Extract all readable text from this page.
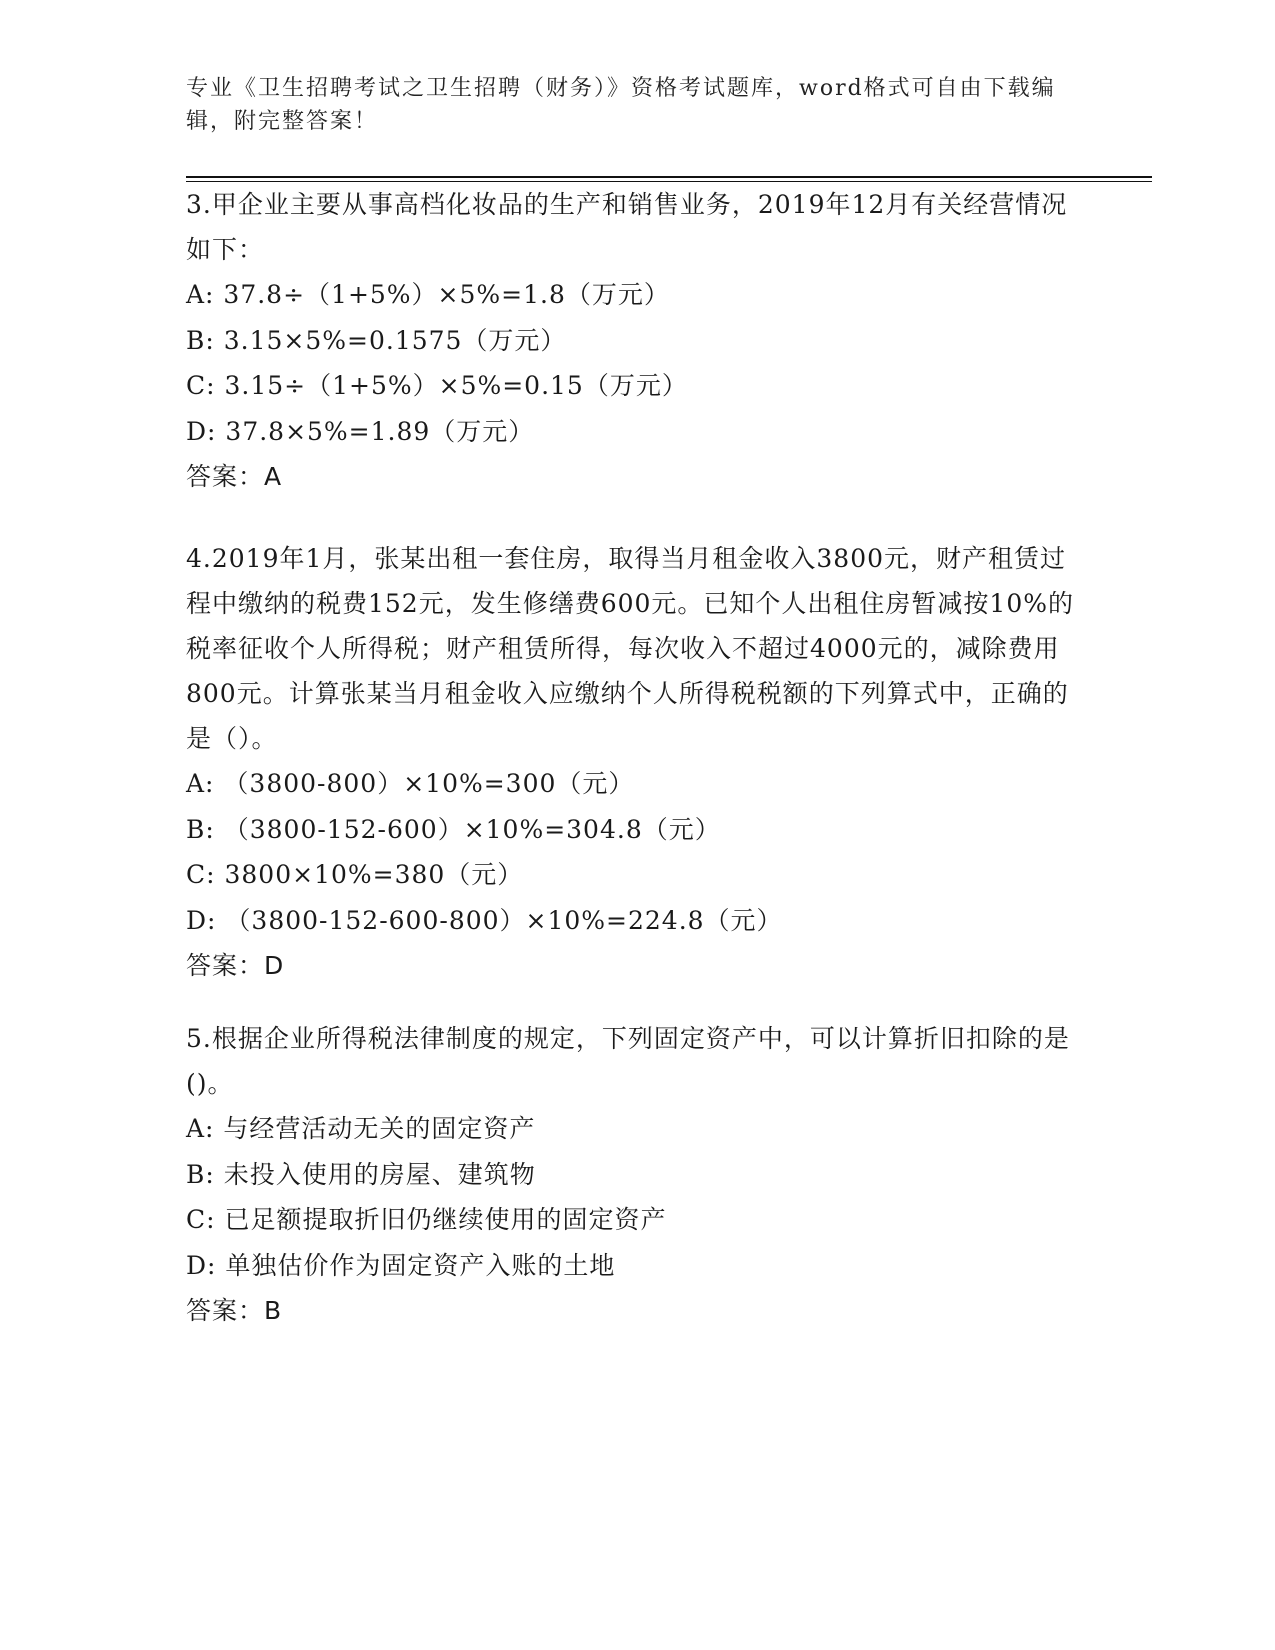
专业《卫生招聘考试之卫生招聘（财务）》资格考试题库，word格式可自由下载编辑，附完整答案！

3.甲企业主要从事高档化妆品的生产和销售业务，2019年12月有关经营情况如下：

A: 37.8÷（1+5%）×5%=1.8（万元）

B: 3.15×5%=0.1575（万元）

C: 3.15÷（1+5%）×5%=0.15（万元）

D: 37.8×5%=1.89（万元）

答案：A

4.2019年1月，张某出租一套住房，取得当月租金收入3800元，财产租赁过程中缴纳的税费152元，发生修缮费600元。已知个人出租住房暂减按10%的税率征收个人所得税；财产租赁所得，每次收入不超过4000元的，减除费用800元。计算张某当月租金收入应缴纳个人所得税税额的下列算式中，正确的是（）。

A: （3800-800）×10%=300（元）

B: （3800-152-600）×10%=304.8（元）

C: 3800×10%=380（元）

D: （3800-152-600-800）×10%=224.8（元）

答案：D

5.根据企业所得税法律制度的规定，下列固定资产中，可以计算折旧扣除的是()。

A: 与经营活动无关的固定资产

B: 未投入使用的房屋、建筑物

C: 已足额提取折旧仍继续使用的固定资产

D: 单独估价作为固定资产入账的土地

答案：B
